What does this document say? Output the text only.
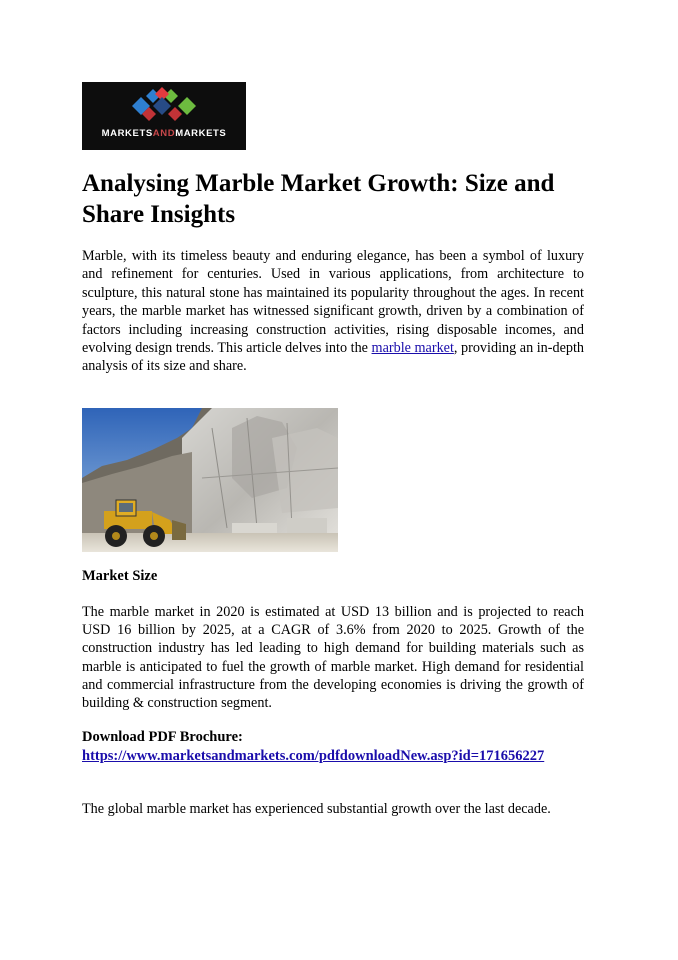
MARKETSANDMARKETS
Analysing Marble Market Growth: Size and Share Insights

Marble, with its timeless beauty and enduring elegance, has been a symbol of luxury and refinement for centuries. Used in various applications, from architecture to sculpture, this natural stone has maintained its popularity throughout the ages. In recent years, the marble market has witnessed significant growth, driven by a combination of factors including increasing construction activities, rising disposable incomes, and evolving design trends. This article delves into the marble market, providing an in-depth analysis of its size and share.

Market Size

The marble market in 2020 is estimated at USD 13 billion and is projected to reach USD 16 billion by 2025, at a CAGR of 3.6% from 2020 to 2025. Growth of the construction industry has led leading to high demand for building materials such as marble is anticipated to fuel the growth of marble market. High demand for residential and commercial infrastructure from the developing economies is driving the growth of building & construction segment.

Download PDF Brochure: https://www.marketsandmarkets.com/pdfdownloadNew.asp?id=171656227

The global marble market has experienced substantial growth over the last decade.
